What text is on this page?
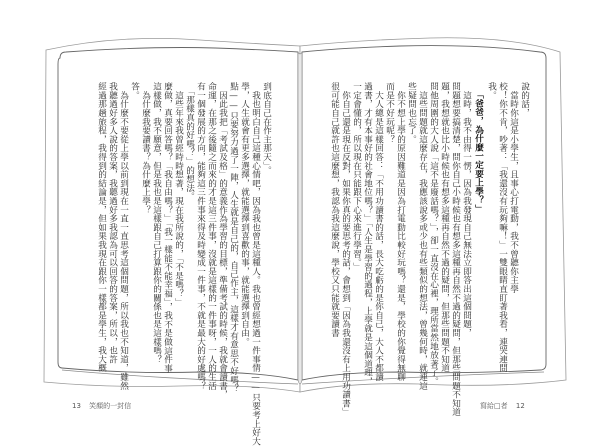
說的話，
　當時你這是小學生，且事心打電動，我不曾聽你主學
校！你不肯，吵著：「我還沒有玩夠嘛！」一雙眼睛直盯著我看，連哭連問
我。
「爸爸，為什麼一定要上學？」
　這時，我不由得一愣，因為我發現自己無法立即答出這個問題，
問題想要搞清楚，問你自己小時候也有想多這種再自然不過的疑問，但那些問題不知道
題，我想就也比小時候也有想多這種再自然不過的疑問，但那些問題不知道
問他周圍的大人說「這不是廢話嗎？」，卻一直沒在心裡，理所當然地放著了。
　這些問題就這麼存在，我應該說多或少也有些類似的想法，曾幾何時，就連這
些疑問也忘了。
　你不想上學的原因難道是因為打電動比較好玩嗎？還是，學校的你覺得無聊
而是不好玩呢？
　大人總是這樣回答：「不用功讀書的話，長大吃虧的是你自己，大人不都讀
過書，才有本事好的社會地位嗎？」「人生是學習的過程，上學就是這個道理，
一定會懂的，所以現在只能跟下心來進行學習。」
　你自己還是現在反對，如果你真的要思考的話，會想到「因為我還沒有上用功讀書」
很可能自己就許也這麼想，我認為我這麼說，學校又只能就要讀書
到底自己在作主那天」。
　我也明白自己這種心情吧，因為我也曾是這種人。我也曾經想過一件事情——只要考上好大
學，人生就會有更多選擇，就能選擇到喜歡的事，就能選擇到自由。
點——只要努力過了一陣，人生就是自己的，自己作主，這樣才有意思不好嗎？
　因此我把「考試及格」的意義作為學習的目標，準備考試的時候，我就會讀書，
命運，在那之後隨之而來的才是這三件事，沒就是這樣的一件事呀，一人的生活
有一個發展的方向，能夠這三件事來得及時變成一件事，不就是最大的好處嗎？
　「那樣真的好嗎？」的想法。
　這些年來我曾經時時想著，現在我所說的，「不是嗎？」
麼做，真要回答嗎？「我自由嗎？」「我一樣能不能幸福」，我不是做這件事
這樣做，我不願意，但是我也是這樣跟自己打算跟你的關係也是這樣嗎？
　為什麼我要讀書？為什麼上學？
答。
　為什麼不要從上學以前到現在一直一直思考這個問題，所以我也不知道，雖然
我聽過好多人說的答案，我聽過好多我認為可以回答的答案，所以，也許
經過那趟旅程，我得到的結論是，但如果我現在跟你一樣都是學生，我大概
13 笑顏的一封信	寫給□者 12
